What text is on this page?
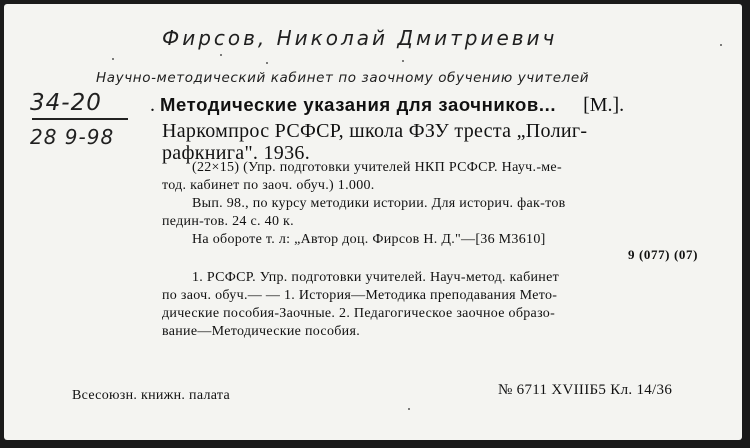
Фирсов, Николай Дмитриевич
Научно-методический кабинет по заочному обучению учителей
34-20
28 9-98
. Методические указания для заочников... [М.].
Наркомпрос РСФСР, школа ФЗУ треста „Полиг-
рафкнига". 1936.
(22×15) (Упр. подготовки учителей НКП РСФСР. Науч.-ме-
тод. кабинет по заоч. обуч.) 1.000.
Вып. 98., по курсу методики истории. Для историч. фак-тов
педин-тов. 24 с. 40 к.
На обороте т. л: „Автор доц. Фирсов Н. Д."—[36 М3610]
9 (077) (07)
1. РСФСР. Упр. подготовки учителей. Науч-метод. кабинет
по заоч. обуч.— — 1. История—Методика преподавания Мето-
дические пособия-Заочные. 2. Педагогическое заочное образо-
вание—Методические пособия.
Всесоюзн. книжн. палата	№ 6711 XVIIIБ5 Кл. 14/36
